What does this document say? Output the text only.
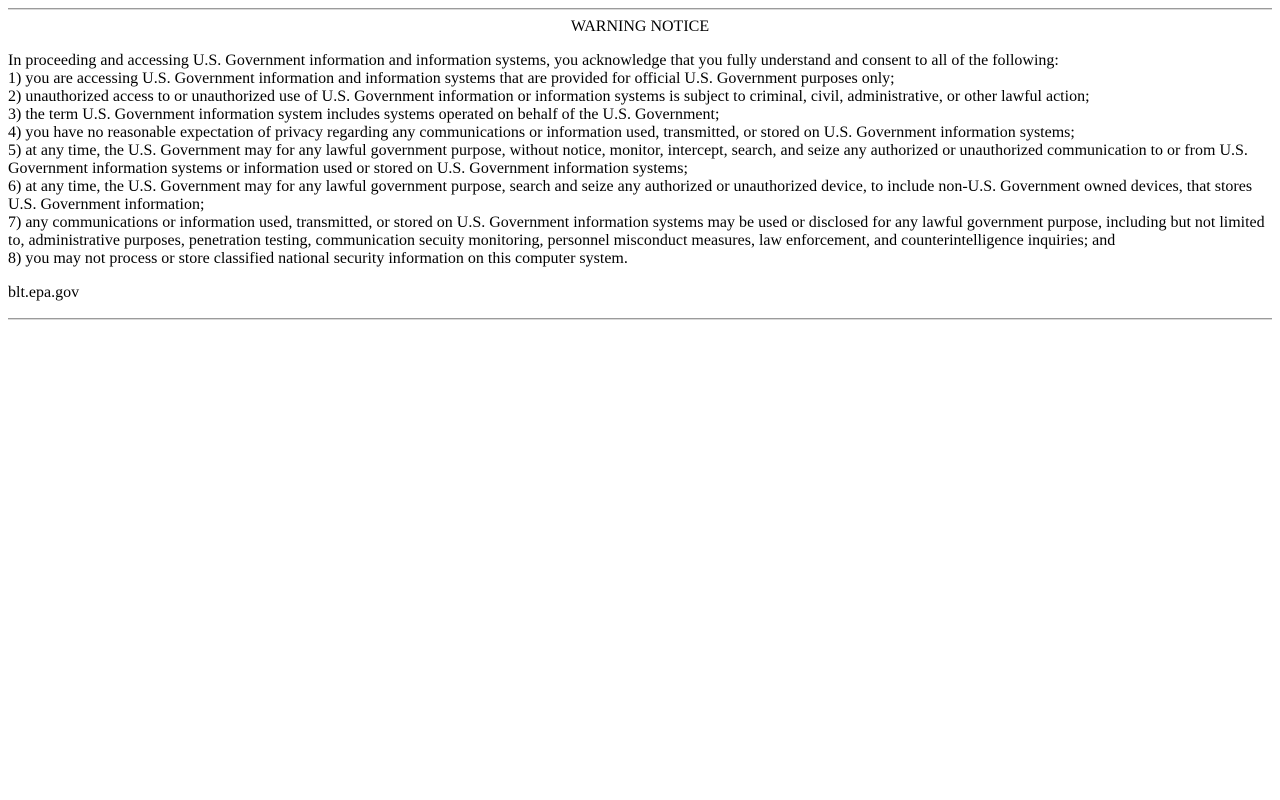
WARNING NOTICE
In proceeding and accessing U.S. Government information and information systems, you acknowledge that you fully understand and consent to all of the following:
1) you are accessing U.S. Government information and information systems that are provided for official U.S. Government purposes only;
2) unauthorized access to or unauthorized use of U.S. Government information or information systems is subject to criminal, civil, administrative, or other lawful action;
3) the term U.S. Government information system includes systems operated on behalf of the U.S. Government;
4) you have no reasonable expectation of privacy regarding any communications or information used, transmitted, or stored on U.S. Government information systems;
5) at any time, the U.S. Government may for any lawful government purpose, without notice, monitor, intercept, search, and seize any authorized or unauthorized communication to or from U.S. Government information systems or information used or stored on U.S. Government information systems;
6) at any time, the U.S. Government may for any lawful government purpose, search and seize any authorized or unauthorized device, to include non-U.S. Government owned devices, that stores U.S. Government information;
7) any communications or information used, transmitted, or stored on U.S. Government information systems may be used or disclosed for any lawful government purpose, including but not limited to, administrative purposes, penetration testing, communication secuity monitoring, personnel misconduct measures, law enforcement, and counterintelligence inquiries; and
8) you may not process or store classified national security information on this computer system.
blt.epa.gov
